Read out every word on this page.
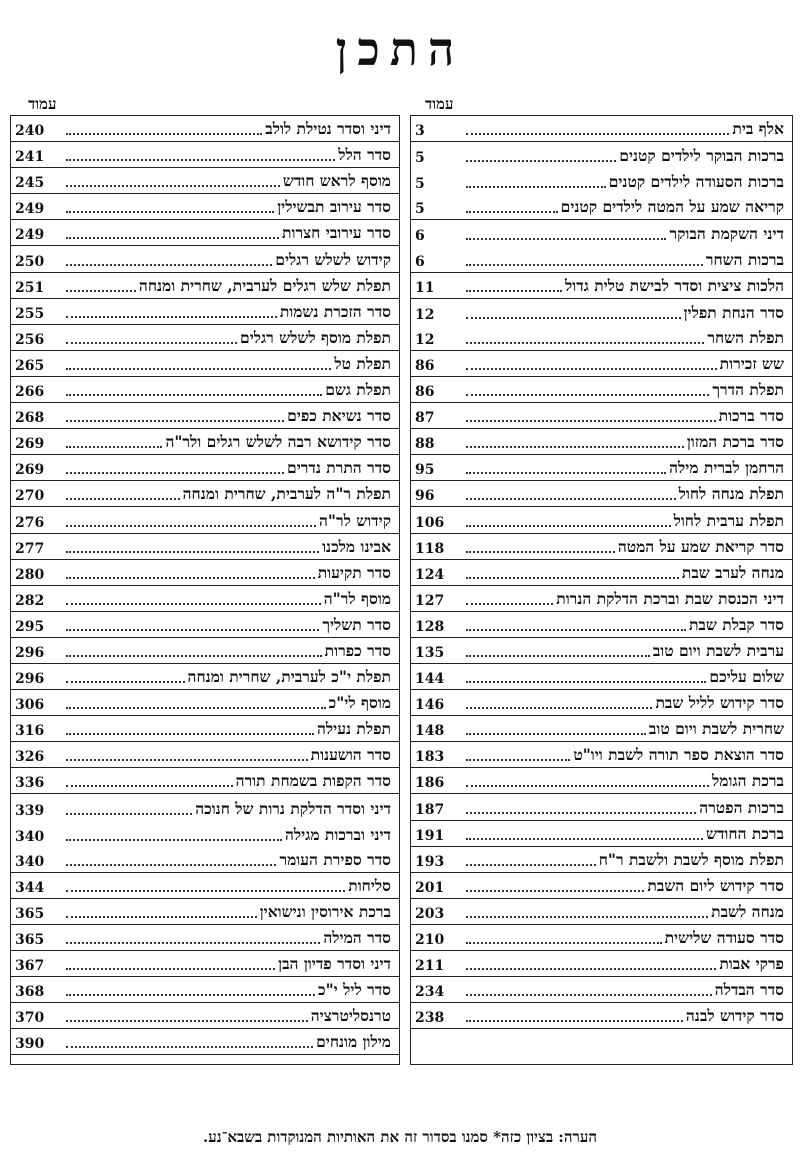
התכן
עמוד
עמוד
אלף בית
3
ברכות הבוקר לילדים קטנים
5
ברכות הסעודה לילדים קטנים
5
קריאה שמע על המטה לילדים קטנים
5
דיני השקמת הבוקר
6
ברכות השחר
6
הלכות ציצית וסדר לבישת טלית גדול
11
סדר הנחת תפלין
12
תפלת השחר
12
שש זכירות
86
תפלת הדרך
86
סדר ברכות
87
סדר ברכת המזון
88
הרחמן לברית מילה
95
תפלת מנחה לחול
96
תפלת ערבית לחול
106
סדר קריאת שמע על המטה
118
מנחה לערב שבת
124
דיני הכנסת שבת וברכת הדלקת הנרות
127
סדר קבלת שבת
128
ערבית לשבת ויום טוב
135
שלום עליכם
144
סדר קידוש לליל שבת
146
שחרית לשבת ויום טוב
148
סדר הוצאת ספר תורה לשבת ויו"ט
183
ברכת הגומל
186
ברכות הפטרה
187
ברכת החודש
191
תפלת מוסף לשבת ולשבת ר"ח
193
סדר קידוש ליום השבת
201
מנחה לשבת
203
סדר סעודה שלישית
210
פרקי אבות
211
סדר הבדלה
234
סדר קידוש לבנה
238
דיני וסדר נטילת לולב
240
סדר הלל
241
מוסף לראש חודש
245
סדר עירוב תבשילין
249
סדר עירובי חצרות
249
קידוש לשלש רגלים
250
תפלת שלש רגלים לערבית, שחרית ומנחה
251
סדר הזכרת נשמות
255
תפלת מוסף לשלש רגלים
256
תפלת טל
265
תפלת גשם
266
סדר נשיאת כפים
268
סדר קידושא רבה לשלש רגלים ולר"ה
269
סדר התרת נדרים
269
תפלת ר"ה לערבית, שחרית ומנחה
270
קידוש לר"ה
276
אבינו מלכנו
277
סדר תקיעות
280
מוסף לר"ה
282
סדר תשליך
295
סדר כפרות
296
תפלת י"כ לערבית, שחרית ומנחה
296
מוסף לי"כ
306
תפלת נעילה
316
סדר הושענות
326
סדר הקפות בשמחת תורה
336
דיני וסדר הדלקת נרות של חנוכה
339
דיני וברכות מגילה
340
סדר ספירת העומר
340
סליחות
344
ברכת אירוסין ונישואין
365
סדר המילה
365
דיני וסדר פדיון הבן
367
סדר ליל י"כ
368
טרנסליטרציה
370
מילון מונחים
390
הערה: בציון כזה* סמנו בסדור זה את האותיות המנוקדות בשבא־נע.
